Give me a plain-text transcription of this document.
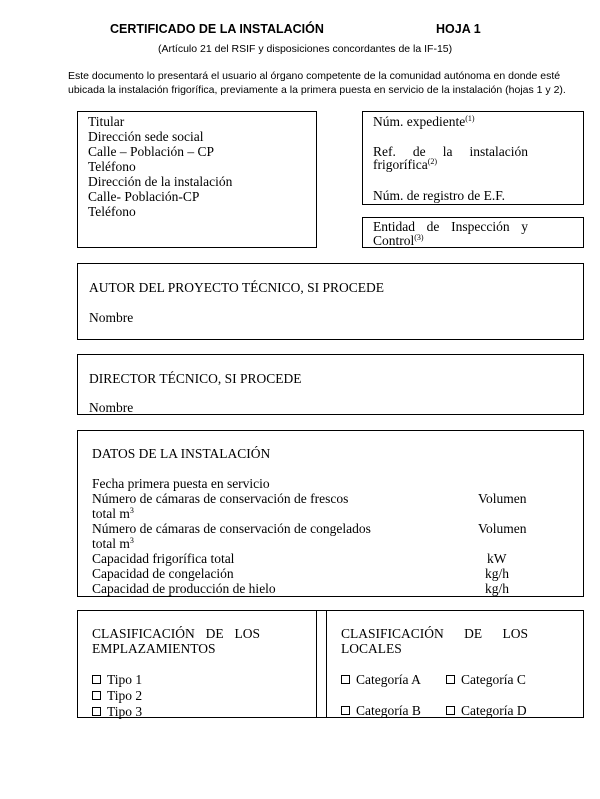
CERTIFICADO DE LA INSTALACIÓN	HOJA 1
(Artículo 21 del RSIF y disposiciones concordantes de la IF-15)
Este documento lo presentará el usuario al órgano competente de la comunidad autónoma en donde esté
ubicada la instalación frigorífica, previamente a la primera puesta en servicio de la instalación (hojas 1 y 2).
Titular
Dirección sede social
Calle – Población – CP
Teléfono
Dirección de la instalación
Calle- Población-CP
Teléfono
Núm. expediente$^{(1)}$
Ref. de la instalación
frigorífica$^{(2)}$
Núm. de registro de E.F.
Entidad de Inspección y
Control$^{(3)}$
AUTOR DEL PROYECTO TÉCNICO, SI PROCEDE
Nombre
DIRECTOR TÉCNICO, SI PROCEDE
Nombre
DATOS DE LA INSTALACIÓN
Fecha primera puesta en servicio
Número de cámaras de conservación de frescos	Volumen
total $m^3$
Número de cámaras de conservación de congelados	Volumen
total $m^3$
Capacidad frigorífica total	kW
Capacidad de congelación	kg/h
Capacidad de producción de hielo	kg/h
CLASIFICACIÓN DE LOS
EMPLAZAMIENTOS
Tipo 1
Tipo 2
Tipo 3
CLASIFICACIÓN DE LOS
LOCALES
Categoría A	Categoría C
Categoría B	Categoría D
